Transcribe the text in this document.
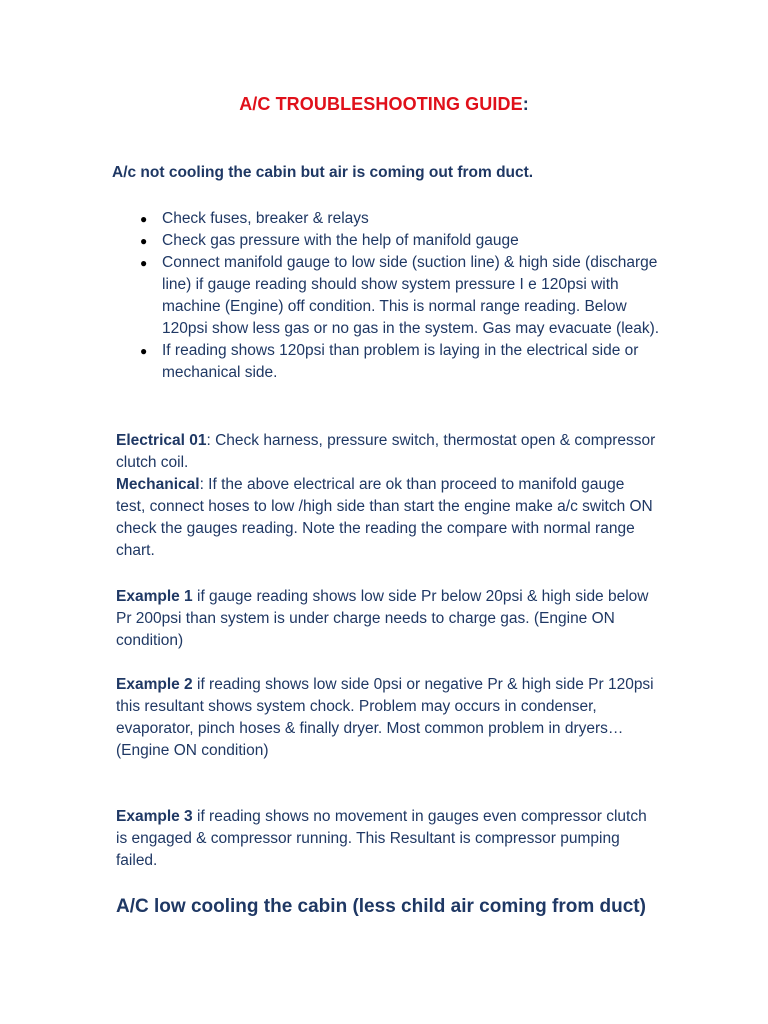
A/C TROUBLESHOOTING GUIDE:

A/c not cooling the cabin but air is coming out from duct.

● Check fuses, breaker & relays
● Check gas pressure with the help of manifold gauge
● Connect manifold gauge to low side (suction line) & high side (discharge line) if gauge reading should show system pressure I e 120psi with machine (Engine) off condition. This is normal range reading. Below 120psi show less gas or no gas in the system. Gas may evacuate (leak).
● If reading shows 120psi than problem is laying in the electrical side or mechanical side.

Electrical 01: Check harness, pressure switch, thermostat open & compressor clutch coil.

Mechanical: If the above electrical are ok than proceed to manifold gauge test, connect hoses to low /high side than start the engine make a/c switch ON check the gauges reading. Note the reading the compare with normal range chart.

Example 1 if gauge reading shows low side Pr below 20psi & high side below Pr 200psi than system is under charge needs to charge gas. (Engine ON condition)

Example 2 if reading shows low side 0psi or negative Pr & high side Pr 120psi this resultant shows system chock. Problem may occurs in condenser, evaporator, pinch hoses & finally dryer. Most common problem in dryers…

(Engine ON condition)

Example 3 if reading shows no movement in gauges even compressor clutch is engaged & compressor running. This Resultant is compressor pumping failed.

A/C low cooling the cabin (less child air coming from duct)
